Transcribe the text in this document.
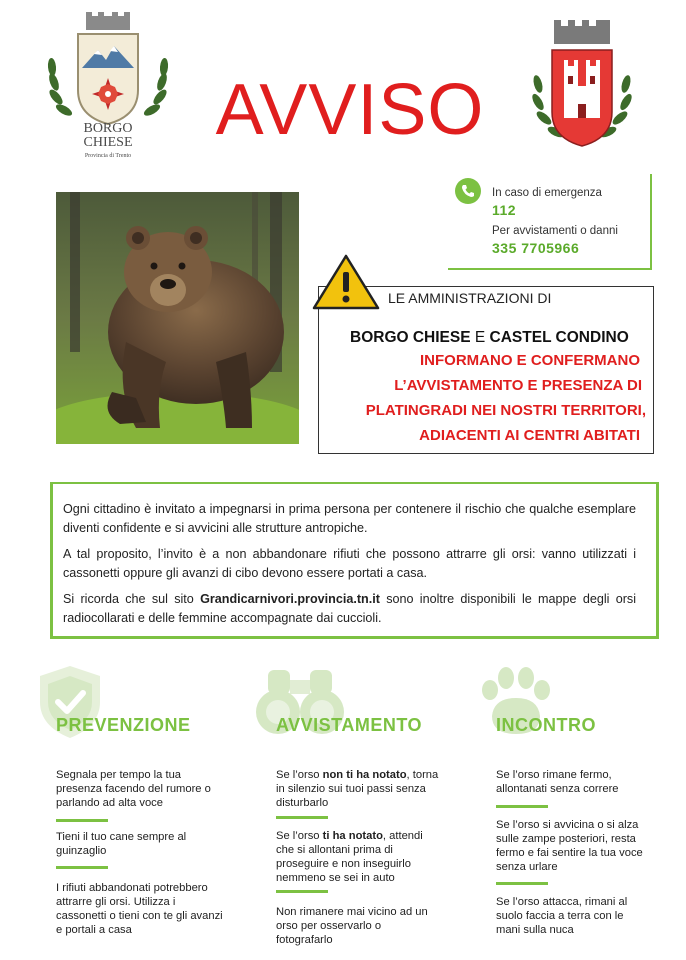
BORGO
CHIESE
Provincia di Trento
AVVISO
In caso di emergenza
112
Per avvistamenti o danni
335 7705966
LE AMMINISTRAZIONI DI
BORGO CHIESE E CASTEL CONDINO
INFORMANO E CONFERMANO
L’AVVISTAMENTO E PRESENZA DI
PLATINGRADI NEI NOSTRI TERRITORI,
ADIACENTI AI CENTRI ABITATI

Ogni cittadino è invitato a impegnarsi in prima persona per contenere il rischio che qualche esemplare diventi confidente e si avvicini alle strutture antropiche.

A tal proposito, l’invito è a non abbandonare rifiuti che possono attrarre gli orsi: vanno utilizzati i cassonetti oppure gli avanzi di cibo devono essere portati a casa.

Si ricorda che sul sito Grandicarnivori.provincia.tn.it sono inoltre disponibili le mappe degli orsi radiocollarati e delle femmine accompagnate dai cuccioli.

PREVENZIONE

Segnala per tempo la tua presenza facendo del rumore o parlando ad alta voce

Tieni il tuo cane sempre al guinzaglio

I rifiuti abbandonati potrebbero attrarre gli orsi. Utilizza i cassonetti o tieni con te gli avanzi e portali a casa

AVVISTAMENTO

Se l’orso non ti ha notato, torna in silenzio sui tuoi passi senza disturbarlo

Se l’orso ti ha notato, attendi che si allontani prima di proseguire e non inseguirlo nemmeno se sei in auto

Non rimanere mai vicino ad un orso per osservarlo o fotografarlo

INCONTRO

Se l’orso rimane fermo, allontanati senza correre

Se l’orso si avvicina o si alza sulle zampe posteriori, resta fermo e fai sentire la tua voce senza urlare

Se l’orso attacca, rimani al suolo faccia a terra con le mani sulla nuca
